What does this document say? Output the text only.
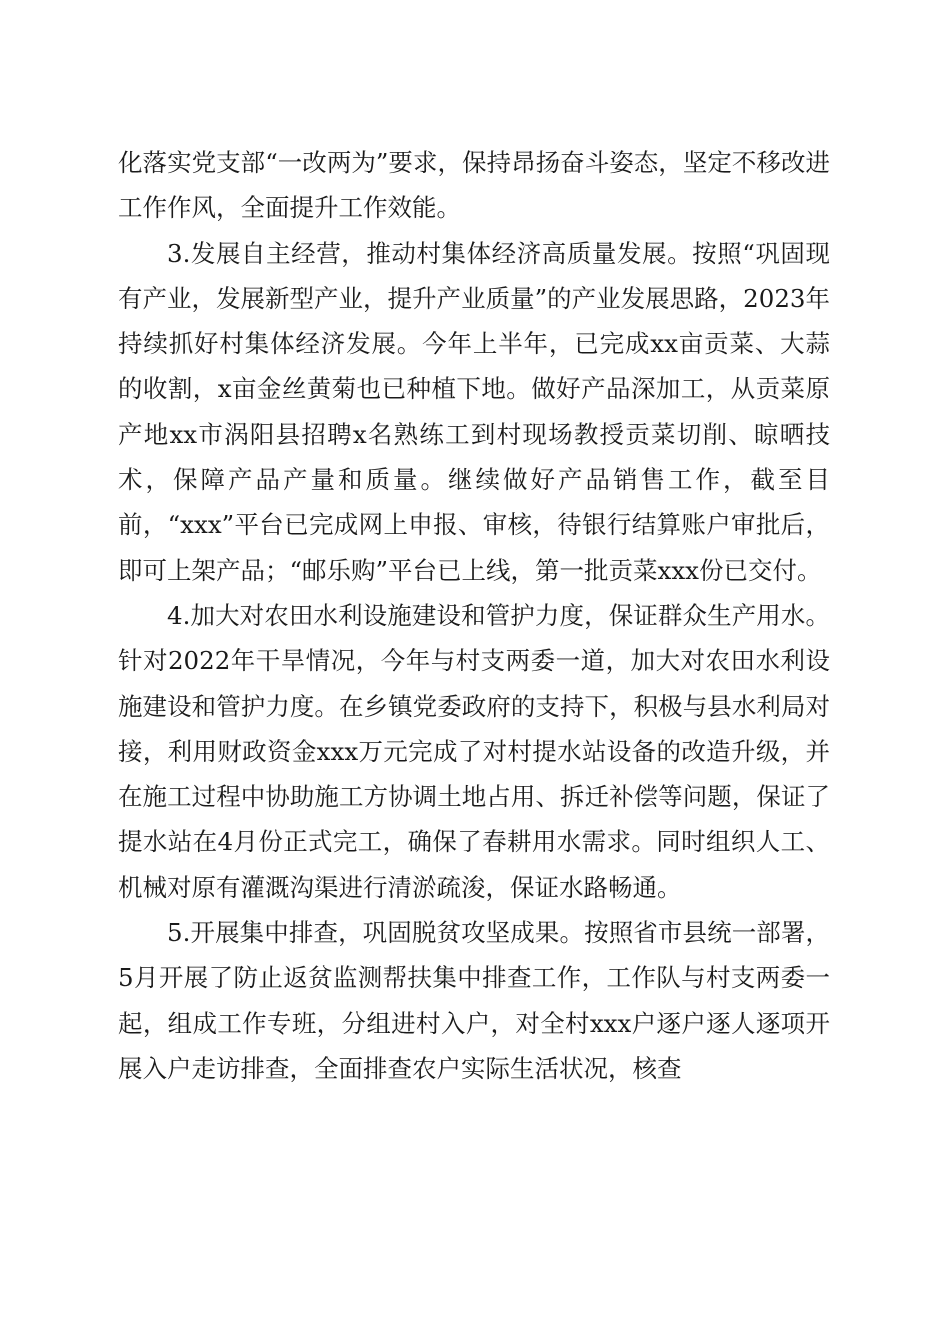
化落实党支部“一改两为”要求，保持昂扬奋斗姿态，坚定不移改进工作作风，全面提升工作效能。

3.发展自主经营，推动村集体经济高质量发展。按照“巩固现有产业，发展新型产业，提升产业质量”的产业发展思路，2023年持续抓好村集体经济发展。今年上半年，已完成xx亩贡菜、大蒜的收割，x亩金丝黄菊也已种植下地。做好产品深加工，从贡菜原产地xx市涡阳县招聘x名熟练工到村现场教授贡菜切削、晾晒技术，保障产品产量和质量。继续做好产品销售工作，截至目前，“xxx”平台已完成网上申报、审核，待银行结算账户审批后，即可上架产品；“邮乐购”平台已上线，第一批贡菜xxx份已交付。

4.加大对农田水利设施建设和管护力度，保证群众生产用水。针对2022年干旱情况，今年与村支两委一道，加大对农田水利设施建设和管护力度。在乡镇党委政府的支持下，积极与县水利局对接，利用财政资金xxx万元完成了对村提水站设备的改造升级，并在施工过程中协助施工方协调土地占用、拆迁补偿等问题，保证了提水站在4月份正式完工，确保了春耕用水需求。同时组织人工、机械对原有灌溉沟渠进行清淤疏浚，保证水路畅通。

5.开展集中排查，巩固脱贫攻坚成果。按照省市县统一部署，5月开展了防止返贫监测帮扶集中排查工作，工作队与村支两委一起，组成工作专班，分组进村入户，对全村xxx户逐户逐人逐项开展入户走访排查，全面排查农户实际生活状况，核查
